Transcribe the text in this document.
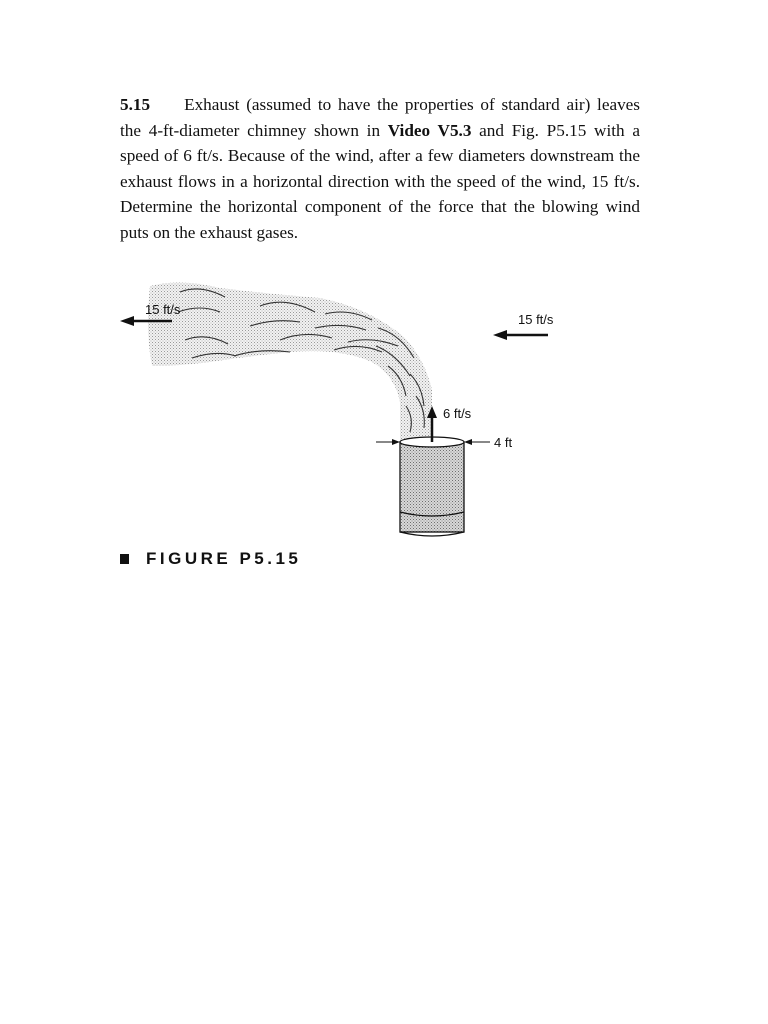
5.15 Exhaust (assumed to have the properties of standard air) leaves the 4-ft-diameter chimney shown in Video V5.3 and Fig. P5.15 with a speed of 6 ft/s. Because of the wind, after a few diameters downstream the exhaust flows in a horizontal direction with the speed of the wind, 15 ft/s. Determine the horizontal component of the force that the blowing wind puts on the exhaust gases.

15 ft/s
15 ft/s
6 ft/s
4 ft
FIGURE P5.15
